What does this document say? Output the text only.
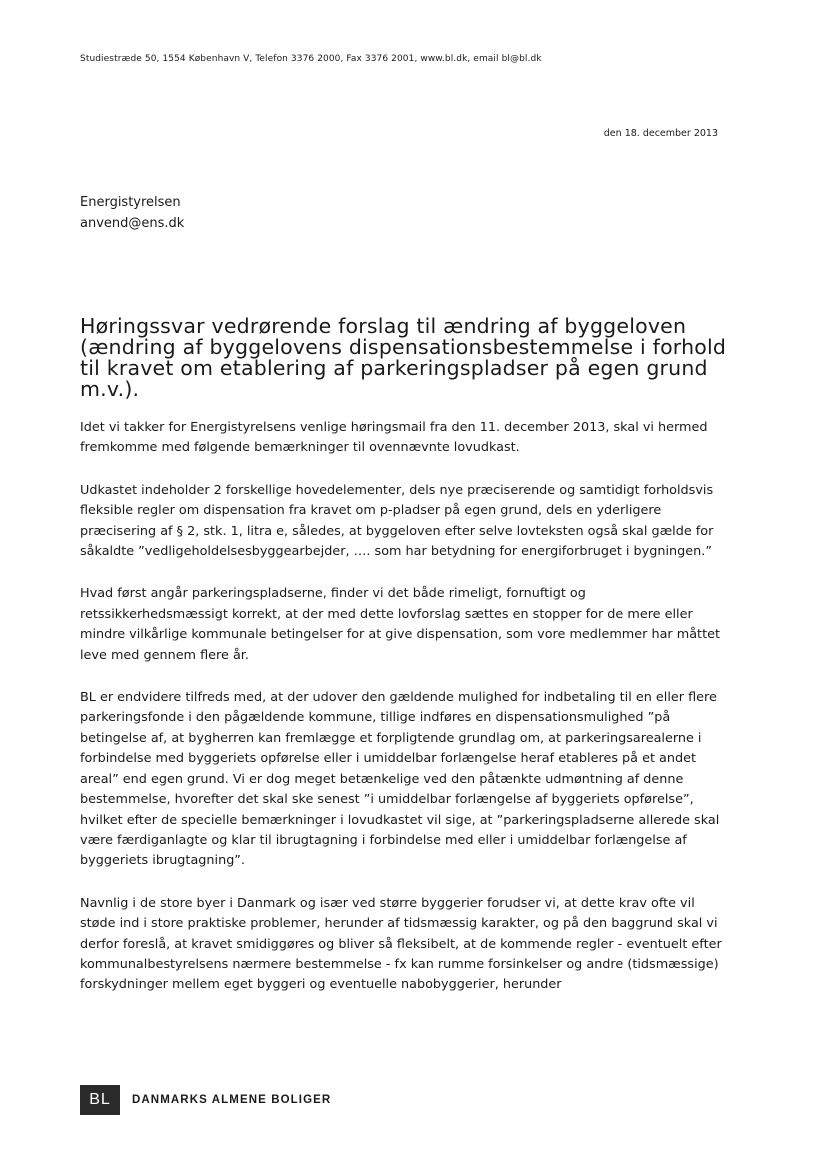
Studiestræde 50, 1554 København V, Telefon 3376 2000, Fax 3376 2001, www.bl.dk, email bl@bl.dk
den 18. december 2013
Energistyrelsen
anvend@ens.dk
Høringssvar vedrørende forslag til ændring af byggeloven (ændring af byggelovens dispensationsbestemmelse i forhold til kravet om etablering af parkeringspladser på egen grund m.v.).

Idet vi takker for Energistyrelsens venlige høringsmail fra den 11. december 2013, skal vi hermed fremkomme med følgende bemærkninger til ovennævnte lovudkast.

Udkastet indeholder 2 forskellige hovedelementer, dels nye præciserende og samtidigt forholdsvis fleksible regler om dispensation fra kravet om p-pladser på egen grund, dels en yderligere præcisering af § 2, stk. 1, litra e, således, at byggeloven efter selve lovteksten også skal gælde for såkaldte ”vedligeholdelsesbyggearbejder, …. som har betydning for energiforbruget i bygningen.”

Hvad først angår parkeringspladserne, finder vi det både rimeligt, fornuftigt og retssikkerhedsmæssigt korrekt, at der med dette lovforslag sættes en stopper for de mere eller mindre vilkårlige kommunale betingelser for at give dispensation, som vore medlemmer har måttet leve med gennem flere år.

BL er endvidere tilfreds med, at der udover den gældende mulighed for indbetaling til en eller flere parkeringsfonde i den pågældende kommune, tillige indføres en dispensationsmulighed ”på betingelse af, at bygherren kan fremlægge et forpligtende grundlag om, at parkeringsarealerne i forbindelse med byggeriets opførelse eller i umiddelbar forlængelse heraf etableres på et andet areal” end egen grund. Vi er dog meget betænkelige ved den påtænkte udmøntning af denne bestemmelse, hvorefter det skal ske senest ”i umiddelbar forlængelse af byggeriets opførelse”, hvilket efter de specielle bemærkninger i lovudkastet vil sige, at ”parkeringspladserne allerede skal være færdiganlagte og klar til ibrugtagning i forbindelse med eller i umiddelbar forlængelse af byggeriets ibrugtagning”.

Navnlig i de store byer i Danmark og især ved større byggerier forudser vi, at dette krav ofte vil støde ind i store praktiske problemer, herunder af tidsmæssig karakter, og på den baggrund skal vi derfor foreslå, at kravet smidiggøres og bliver så fleksibelt, at de kommende regler - eventuelt efter kommunalbestyrelsens nærmere bestemmelse - fx kan rumme forsinkelser og andre (tidsmæssige) forskydninger mellem eget byggeri og eventuelle nabobyggerier, herunder

BL	DANMARKS ALMENE BOLIGER
